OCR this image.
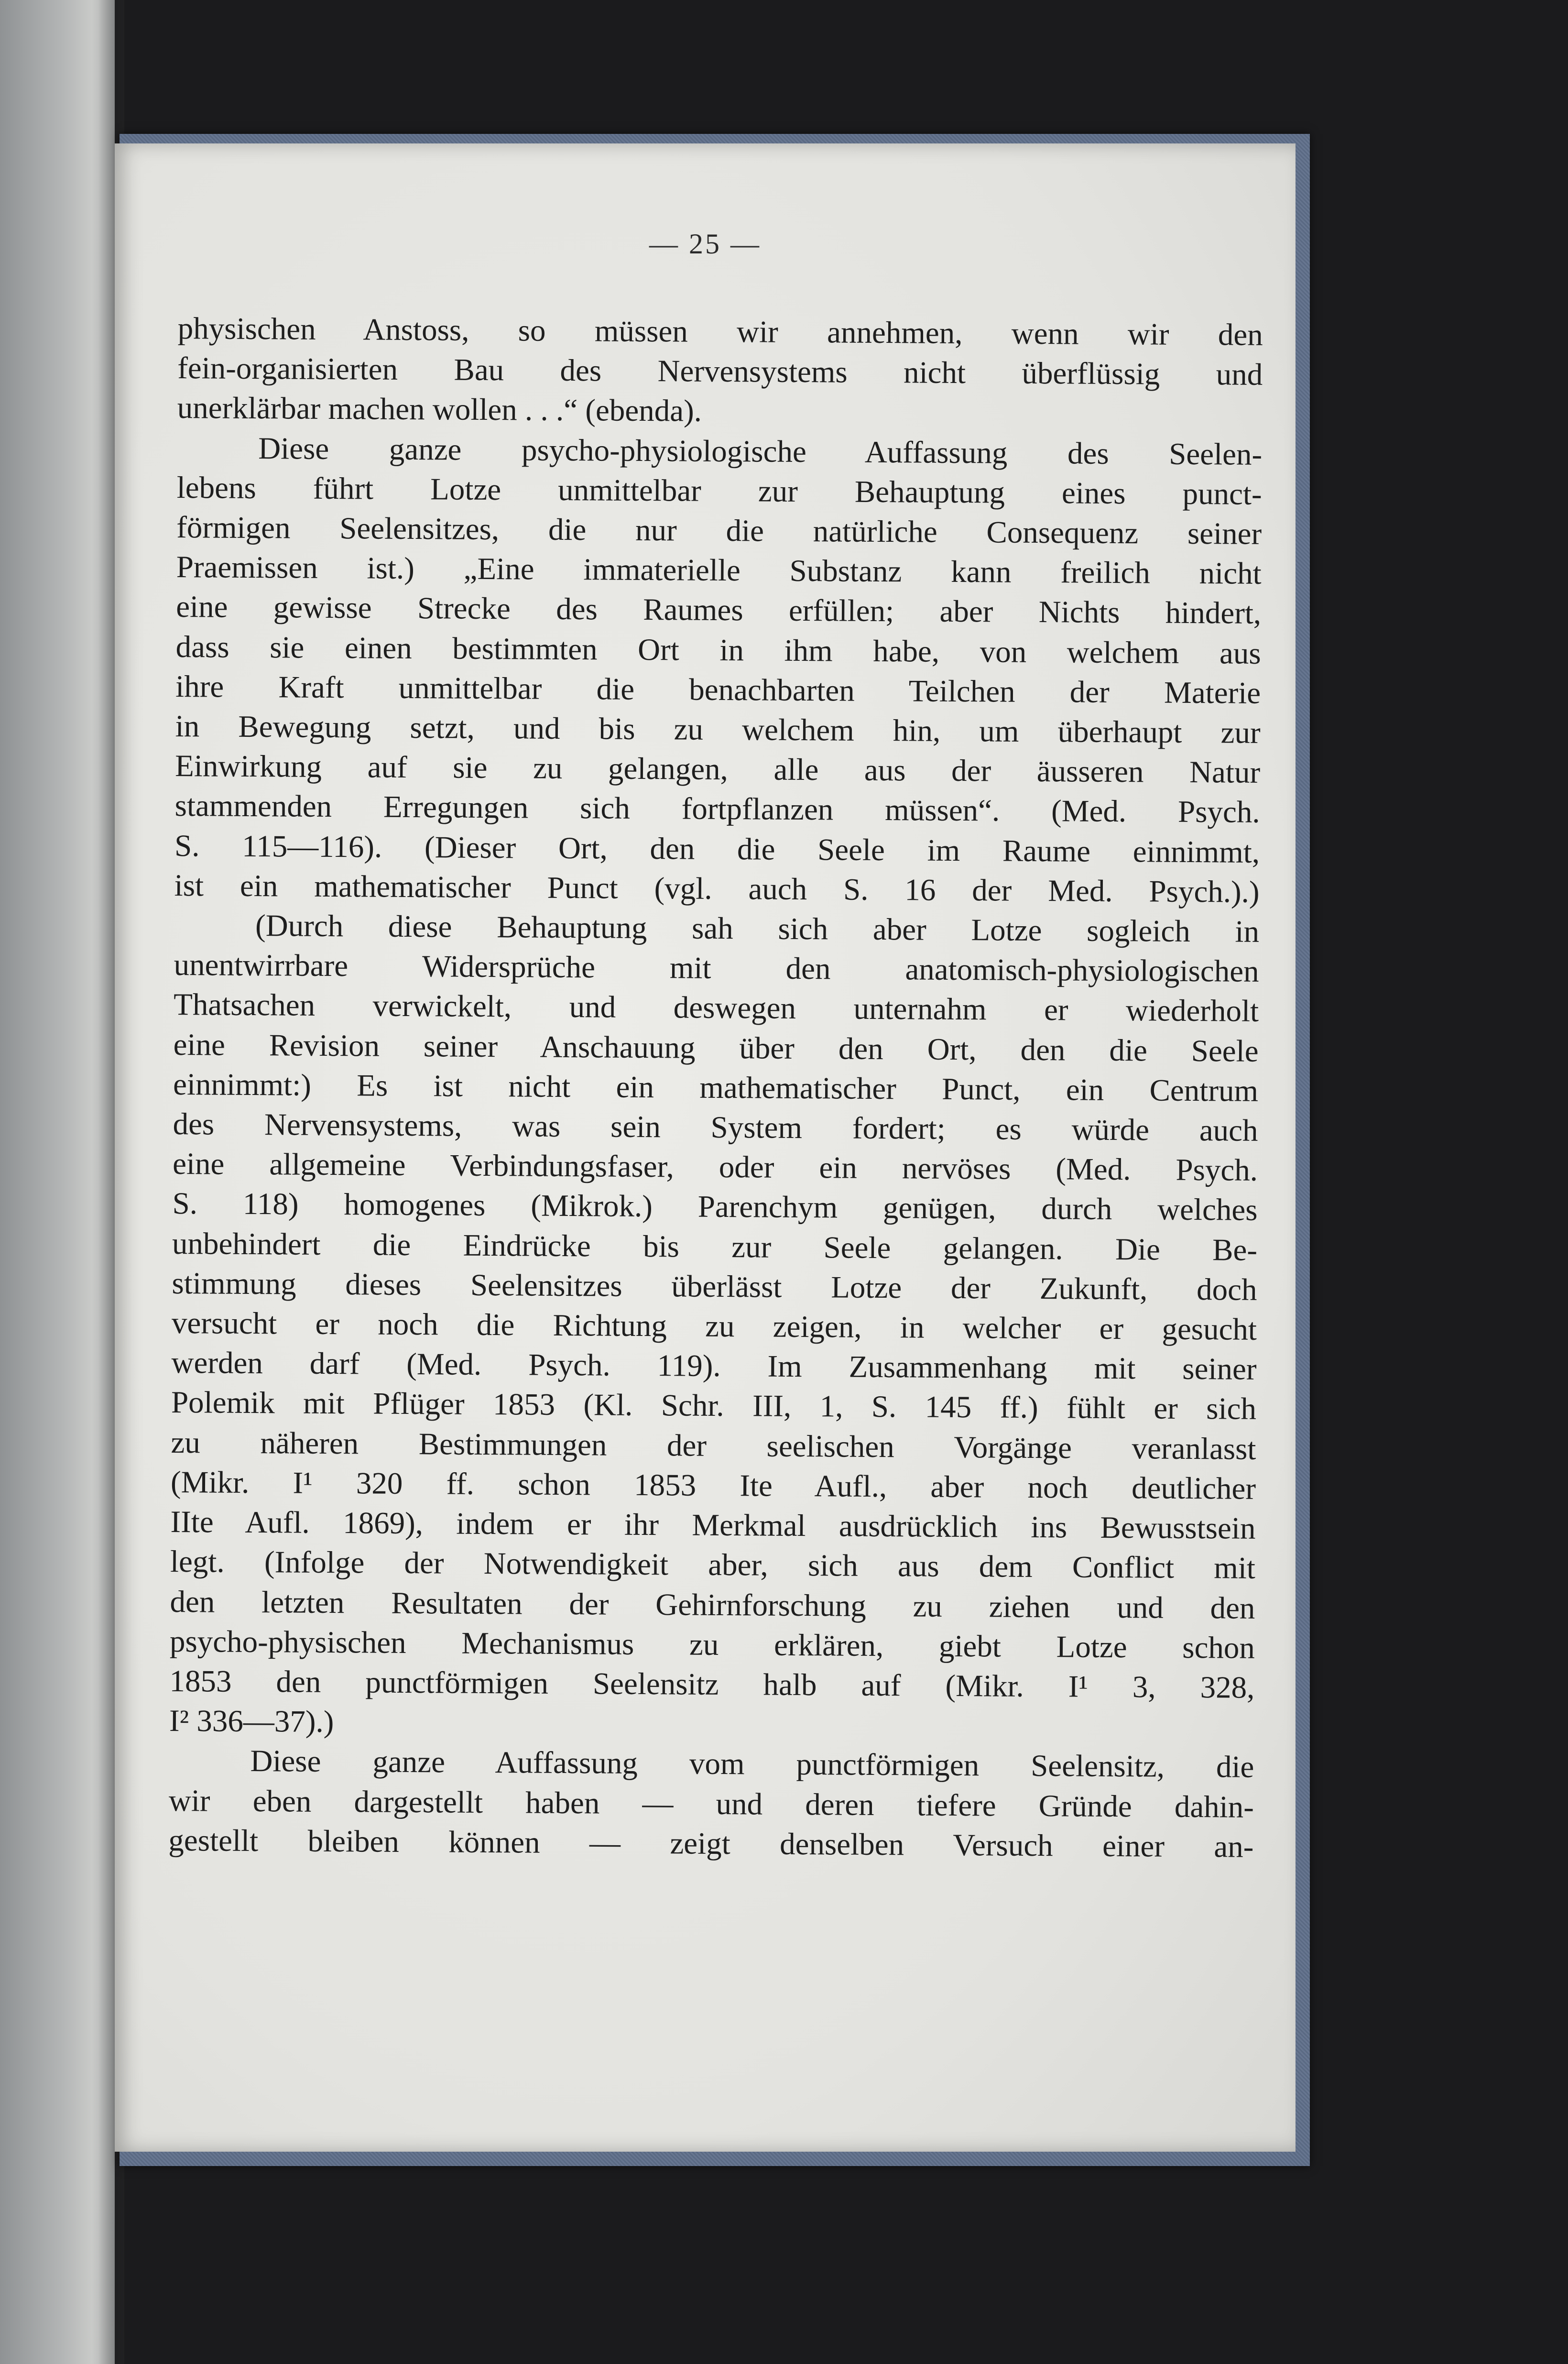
— 25 —

physischen Anstoss, so müssen wir annehmen, wenn wir den
fein-organisierten Bau des Nervensystems nicht überflüssig und
unerklärbar machen wollen . . .“ (ebenda).

Diese ganze psycho-physiologische Auffassung des Seelen-
lebens führt Lotze unmittelbar zur Behauptung eines punct-
förmigen Seelensitzes, die nur die natürliche Consequenz seiner
Praemissen ist.) „Eine immaterielle Substanz kann freilich nicht
eine gewisse Strecke des Raumes erfüllen; aber Nichts hindert,
dass sie einen bestimmten Ort in ihm habe, von welchem aus
ihre Kraft unmittelbar die benachbarten Teilchen der Materie
in Bewegung setzt, und bis zu welchem hin, um überhaupt zur
Einwirkung auf sie zu gelangen, alle aus der äusseren Natur
stammenden Erregungen sich fortpflanzen müssen“. (Med. Psych.
S. 115—116). (Dieser Ort, den die Seele im Raume einnimmt,
ist ein mathematischer Punct (vgl. auch S. 16 der Med. Psych.).)

(Durch diese Behauptung sah sich aber Lotze sogleich in
unentwirrbare Widersprüche mit den anatomisch-physiologischen
Thatsachen verwickelt, und deswegen unternahm er wiederholt
eine Revision seiner Anschauung über den Ort, den die Seele
einnimmt:) Es ist nicht ein mathematischer Punct, ein Centrum
des Nervensystems, was sein System fordert; es würde auch
eine allgemeine Verbindungsfaser, oder ein nervöses (Med. Psych.
S. 118) homogenes (Mikrok.) Parenchym genügen, durch welches
unbehindert die Eindrücke bis zur Seele gelangen. Die Be-
stimmung dieses Seelensitzes überlässt Lotze der Zukunft, doch
versucht er noch die Richtung zu zeigen, in welcher er gesucht
werden darf (Med. Psych. 119). Im Zusammenhang mit seiner
Polemik mit Pflüger 1853 (Kl. Schr. III, 1, S. 145 ff.) fühlt er sich
zu näheren Bestimmungen der seelischen Vorgänge veranlasst
(Mikr. I¹ 320 ff. schon 1853 Ite Aufl., aber noch deutlicher
IIte Aufl. 1869), indem er ihr Merkmal ausdrücklich ins Bewusstsein
legt. (Infolge der Notwendigkeit aber, sich aus dem Conflict mit
den letzten Resultaten der Gehirnforschung zu ziehen und den
psycho-physischen Mechanismus zu erklären, giebt Lotze schon
1853 den punctförmigen Seelensitz halb auf (Mikr. I¹ 3, 328,
I² 336—37).)

Diese ganze Auffassung vom punctförmigen Seelensitz, die
wir eben dargestellt haben — und deren tiefere Gründe dahin-
gestellt bleiben können — zeigt denselben Versuch einer an-
